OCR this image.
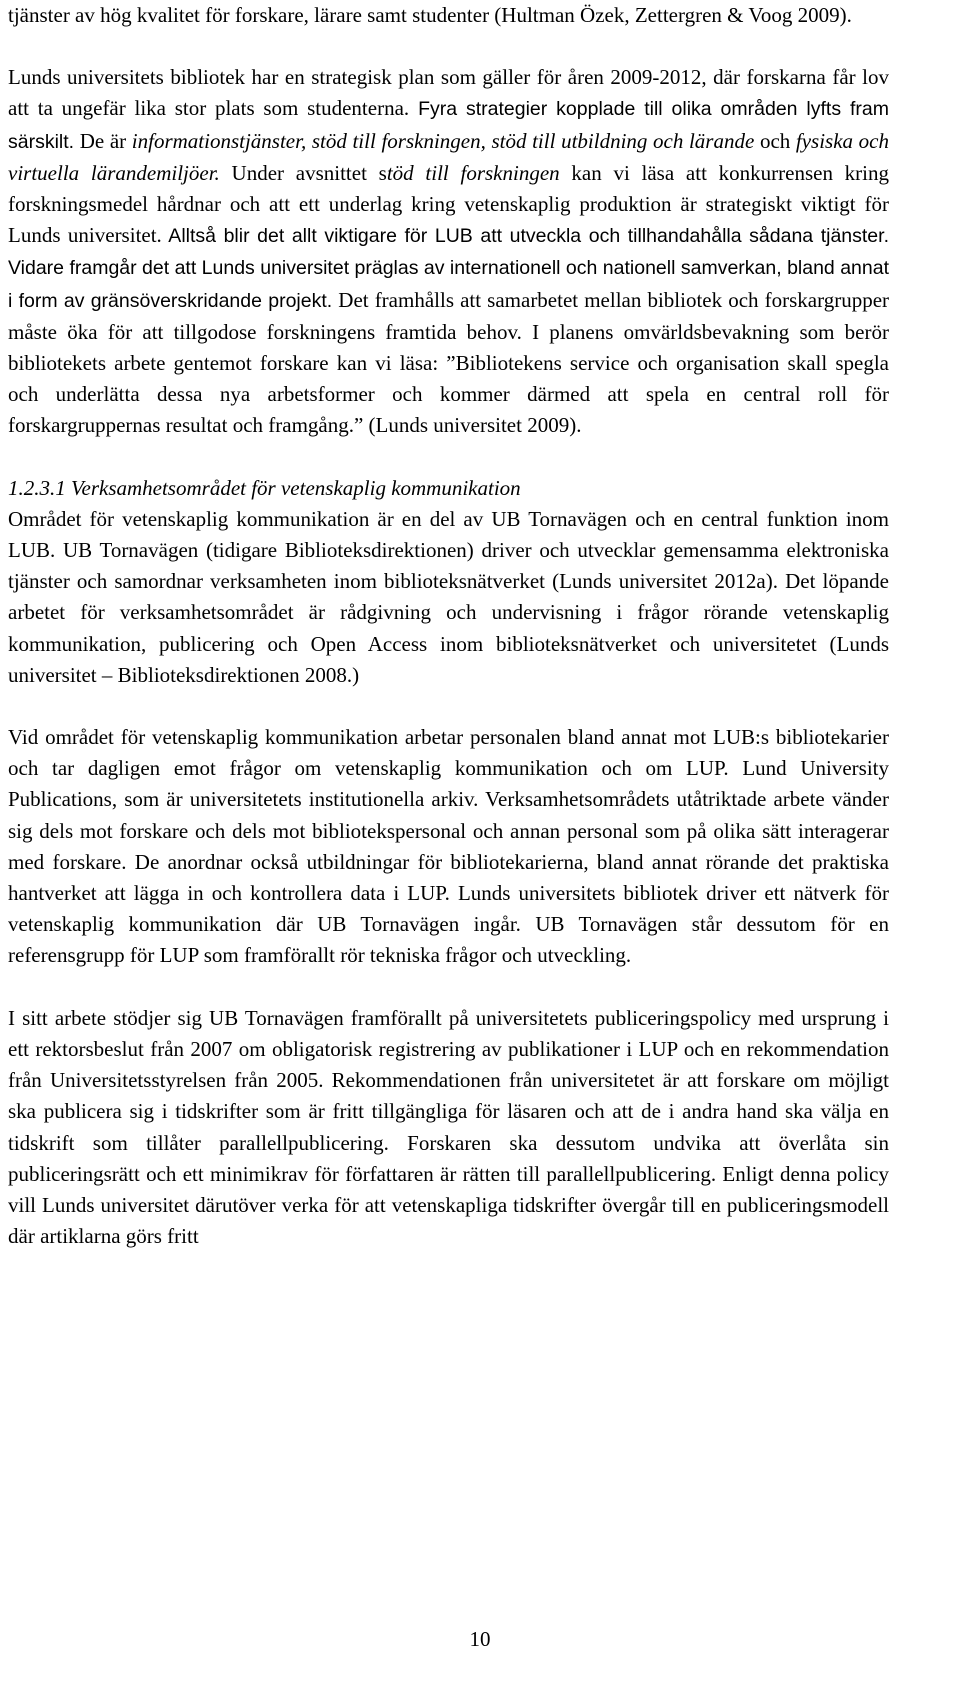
tjänster av hög kvalitet för forskare, lärare samt studenter (Hultman Özek, Zettergren & Voog 2009).

Lunds universitets bibliotek har en strategisk plan som gäller för åren 2009-2012, där forskarna får lov att ta ungefär lika stor plats som studenterna. Fyra strategier kopplade till olika områden lyfts fram särskilt. De är informationstjänster, stöd till forskningen, stöd till utbildning och lärande och fysiska och virtuella lärandemiljöer. Under avsnittet stöd till forskningen kan vi läsa att konkurrensen kring forskningsmedel hårdnar och att ett underlag kring vetenskaplig produktion är strategiskt viktigt för Lunds universitet. Alltså blir det allt viktigare för LUB att utveckla och tillhandahålla sådana tjänster. Vidare framgår det att Lunds universitet präglas av internationell och nationell samverkan, bland annat i form av gränsöverskridande projekt. Det framhålls att samarbetet mellan bibliotek och forskargrupper måste öka för att tillgodose forskningens framtida behov. I planens omvärldsbevakning som berör bibliotekets arbete gentemot forskare kan vi läsa: ”Bibliotekens service och organisation skall spegla och underlätta dessa nya arbetsformer och kommer därmed att spela en central roll för forskargruppernas resultat och framgång.” (Lunds universitet 2009).

1.2.3.1 Verksamhetsområdet för vetenskaplig kommunikation

Området för vetenskaplig kommunikation är en del av UB Tornavägen och en central funktion inom LUB. UB Tornavägen (tidigare Biblioteksdirektionen) driver och utvecklar gemensamma elektroniska tjänster och samordnar verksamheten inom biblioteksnätverket (Lunds universitet 2012a). Det löpande arbetet för verksamhetsområdet är rådgivning och undervisning i frågor rörande vetenskaplig kommunikation, publicering och Open Access inom biblioteksnätverket och universitetet (Lunds universitet – Biblioteksdirektionen 2008.)

Vid området för vetenskaplig kommunikation arbetar personalen bland annat mot LUB:s bibliotekarier och tar dagligen emot frågor om vetenskaplig kommunikation och om LUP. Lund University Publications, som är universitetets institutionella arkiv. Verksamhetsområdets utåtriktade arbete vänder sig dels mot forskare och dels mot bibliotekspersonal och annan personal som på olika sätt interagerar med forskare. De anordnar också utbildningar för bibliotekarierna, bland annat rörande det praktiska hantverket att lägga in och kontrollera data i LUP. Lunds universitets bibliotek driver ett nätverk för vetenskaplig kommunikation där UB Tornavägen ingår. UB Tornavägen står dessutom för en referensgrupp för LUP som framförallt rör tekniska frågor och utveckling.

I sitt arbete stödjer sig UB Tornavägen framförallt på universitetets publiceringspolicy med ursprung i ett rektorsbeslut från 2007 om obligatorisk registrering av publikationer i LUP och en rekommendation från Universitetsstyrelsen från 2005. Rekommendationen från universitetet är att forskare om möjligt ska publicera sig i tidskrifter som är fritt tillgängliga för läsaren och att de i andra hand ska välja en tidskrift som tillåter parallellpublicering. Forskaren ska dessutom undvika att överlåta sin publiceringsrätt och ett minimikrav för författaren är rätten till parallellpublicering. Enligt denna policy vill Lunds universitet därutöver verka för att vetenskapliga tidskrifter övergår till en publiceringsmodell där artiklarna görs fritt

10
